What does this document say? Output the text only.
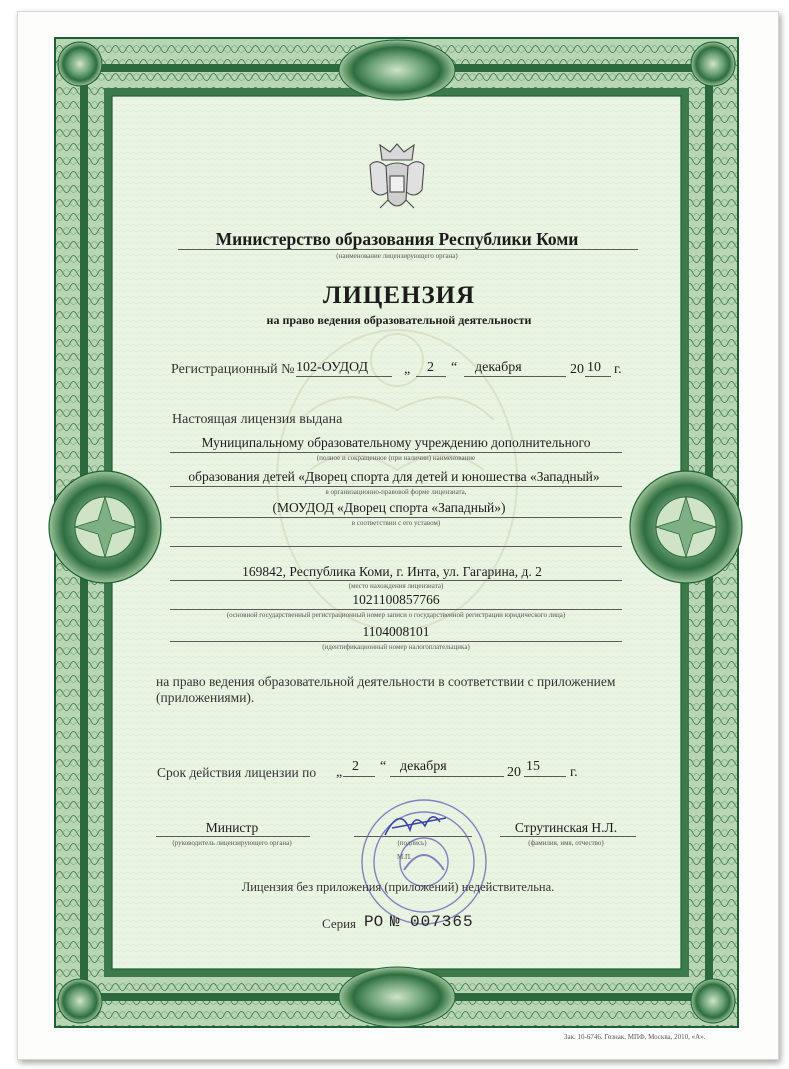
Министерство образования Республики Коми
(наименование лицензирующего органа)
ЛИЦЕНЗИЯ
на право ведения образовательной деятельности
Регистрационный № 102-ОУДОД	„ 2 “ декабря	20 10 г.
Настоящая лицензия выдана
Муниципальному образовательному учреждению дополнительного
(полное и сокращенное (при наличии) наименование
образования детей «Дворец спорта для детей и юношества «Западный»
в организационно-правовой форме лицензиата,
(МОУДОД «Дворец спорта «Западный»)
в соответствии с его уставом)
169842, Республика Коми, г. Инта, ул. Гагарина, д. 2
(место нахождения лицензиата)
1021100857766
(основной государственный регистрационный номер записи о государственной регистрации юридического лица)
1104008101
(идентификационный номер налогоплательщика)
на право ведения образовательной деятельности в соответствии с приложением
(приложениями).
Срок действия лицензии по „ 2 “ декабря	20 15 г.
Министр
(руководитель лицензирующего органа)	(подпись)
Струтинская Н.Л.
(фамилия, имя, отчество)
М.П.
Лицензия без приложения (приложений) недействительна.
Серия РО № 007365
Зак. 10-6746. Гознак, МПФ, Москва, 2010, «А».
